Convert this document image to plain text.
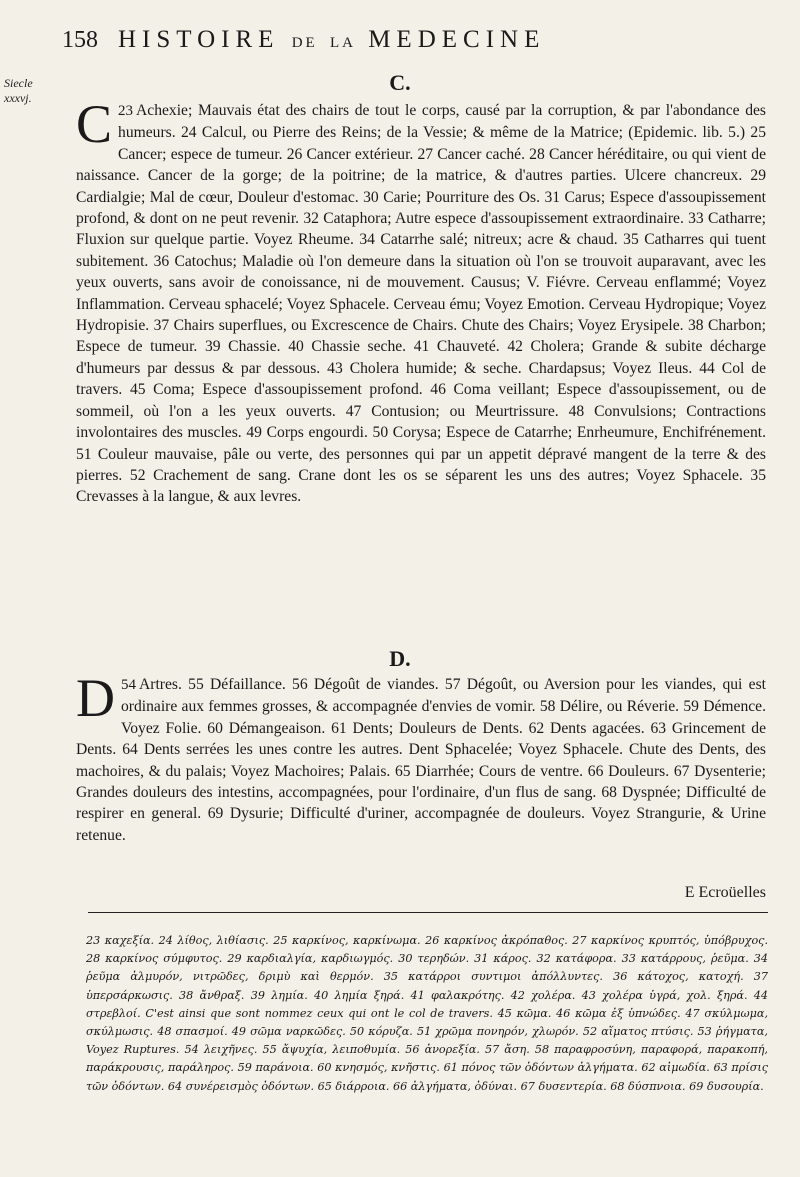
158 HISTOIRE DE LA MEDECINE
Siecle xxxvj.
C.
23
C Achexie; Mauvais état des chairs de tout le corps, causé par la corruption, & par l'abondance des humeurs. 24 Calcul, ou Pierre des Reins; de la Vessie; & même de la Matrice; (Epidemic. lib. 5.) 25 Cancer; espece de tumeur. 26 Cancer extérieur. 27 Cancer caché. 28 Cancer héréditaire, ou qui vient de naissance. Cancer de la gorge; de la poitrine; de la matrice, & d'autres parties. Ulcere chancreux. 29 Cardialgie; Mal de cœur, Douleur d'estomac. 30 Carie; Pourriture des Os. 31 Carus; Espece d'assoupissement profond, & dont on ne peut revenir. 32 Cataphora; Autre espece d'assoupissement extraordinaire. 33 Catharre; Fluxion sur quelque partie. Voyez Rheume. 34 Catarrhe salé; nitreux; acre & chaud. 35 Catharres qui tuent subitement. 36 Catochus; Maladie où l'on demeure dans la situation où l'on se trouvoit auparavant, avec les yeux ouverts, sans avoir de conoissance, ni de mouvement. Causus; V. Fiévre. Cerveau enflammé; Voyez Inflammation. Cerveau sphacelé; Voyez Sphacele. Cerveau ému; Voyez Emotion. Cerveau Hydropique; Voyez Hydropisie. 37 Chairs superflues, ou Excrescence de Chairs. Chute des Chairs; Voyez Erysipele. 38 Charbon; Espece de tumeur. 39 Chassie. 40 Chassie seche. 41 Chauveté. 42 Cholera; Grande & subite décharge d'humeurs par dessus & par dessous. 43 Cholera humide; & seche. Chardapsus; Voyez Ileus. 44 Col de travers. 45 Coma; Espece d'assoupissement profond. 46 Coma veillant; Espece d'assoupissement, ou de sommeil, où l'on a les yeux ouverts. 47 Contusion; ou Meurtrissure. 48 Convulsions; Contractions involontaires des muscles. 49 Corps engourdi. 50 Corysa; Espece de Catarrhe; Enrheumure, Enchifrénement. 51 Couleur mauvaise, pâle ou verte, des personnes qui par un appetit dépravé mangent de la terre & des pierres. 52 Crachement de sang. Crane dont les os se séparent les uns des autres; Voyez Sphacele. 35 Crevasses à la langue, & aux levres.
D.
54
D Artres. 55 Défaillance. 56 Dégoût de viandes. 57 Dégoût, ou Aversion pour les viandes, qui est ordinaire aux femmes grosses, & accompagnée d'envies de vomir. 58 Délire, ou Réverie. 59 Démence. Voyez Folie. 60 Démangeaison. 61 Dents; Douleurs de Dents. 62 Dents agacées. 63 Grincement de Dents. 64 Dents serrées les unes contre les autres. Dent Sphacelée; Voyez Sphacele. Chute des Dents, des machoires, & du palais; Voyez Machoires; Palais. 65 Diarrhée; Cours de ventre. 66 Douleurs. 67 Dysenterie; Grandes douleurs des intestins, accompagnées, pour l'ordinaire, d'un flus de sang. 68 Dyspnée; Difficulté de respirer en general. 69 Dysurie; Difficulté d'uriner, accompagnée de douleurs. Voyez Strangurie, & Urine retenue.
E Ecroüelles
23 καχεξία. 24 λίθος, λιθίασις. 25 καρκίνος, καρκίνωμα. 26 καρκίνος ἀκρόπαθος. 27 καρκίνος κρυπτός, ὑπόβρυχος. 28 καρκίνος σύμφυτος. 29 καρδιαλγία, καρδιωγμός. 30 τερηδών. 31 κάρος. 32 κατάφορα. 33 κατάρρους, ῥεῦμα. 34 ῥεῦμα ἁλμυρόν, νιτρῶδες, δριμὺ καὶ θερμόν. 35 κατάρροι συντιμοι ἀπόλλυντες. 36 κάτοχος, κατοχή. 37 ὑπερσάρκωσις. 38 ἄνθραξ. 39 λημία. 40 λημία ξηρά. 41 φαλακρότης. 42 χολέρα. 43 χολέρα ὑγρά, χολ. ξηρά. 44 στρεβλοί. C'est ainsi que sont nommez ceux qui ont le col de travers. 45 κῶμα. 46 κῶμα ἐξ ὑπνώδες. 47 σκύλμωμα, σκύλμωσις. 48 σπασμοί. 49 σῶμα ναρκῶδες. 50 κόρυζα. 51 χρῶμα πονηρόν, χλωρόν. 52 αἵματος πτύσις. 53 ῥήγματα, Voyez Ruptures. 54 λειχῆνες. 55 ἄψυχία, λειποθυμία. 56 ἀνορεξία. 57 ἄση. 58 παραφροσύνη, παραφορά, παρακοπή, παράκρουσις, παράληρος. 59 παράνοια. 60 κνησμός, κνῆστις. 61 πόνος τῶν ὀδόντων ἀλγήματα. 62 αἱμωδία. 63 πρίσις τῶν ὀδόντων. 64 συνέρεισμὸς ὀδόντων. 65 διάρροια. 66 ἀλγήματα, ὀδύναι. 67 δυσεντερία. 68 δύσπνοια. 69 δυσουρία.
